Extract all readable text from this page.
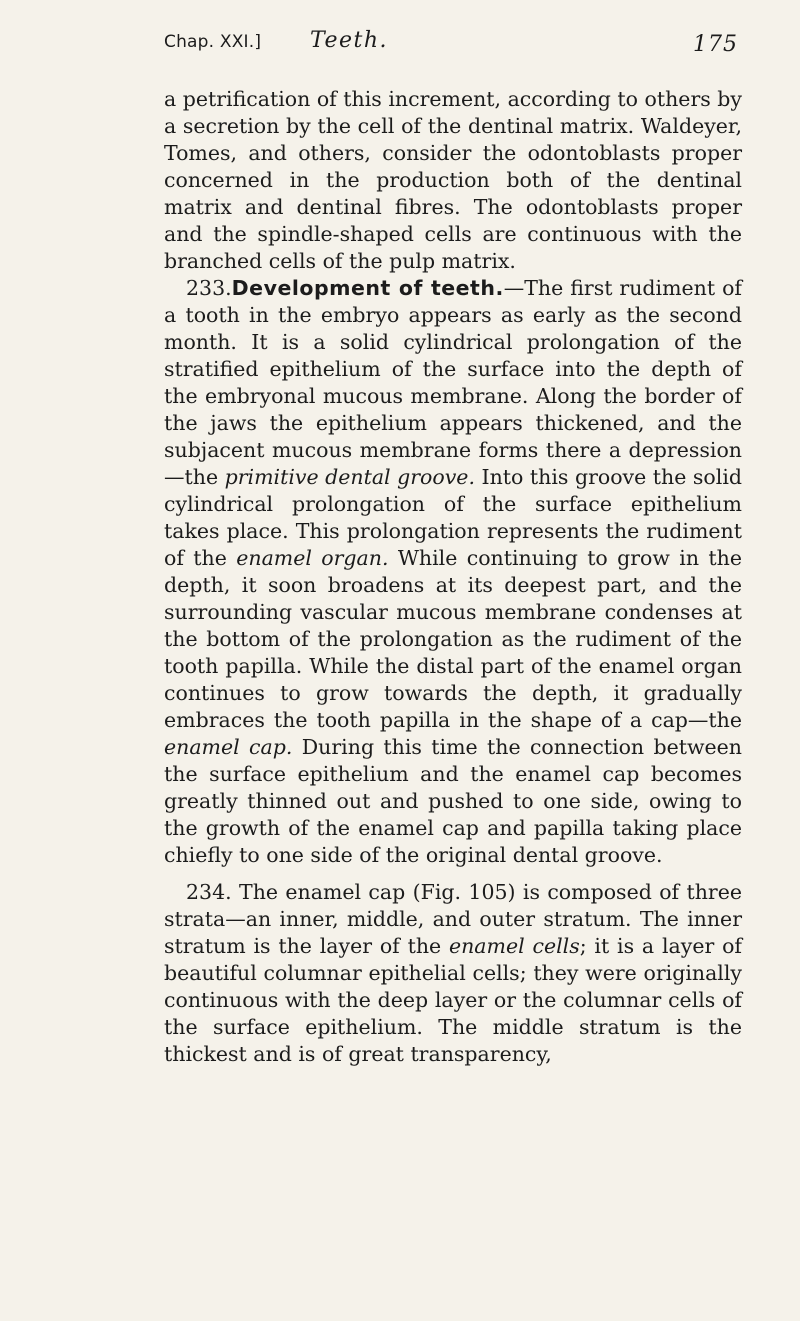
Chap. XXI.] Teeth.	175

a petrification of this increment, according to others by a secretion by the cell of the dentinal matrix. Waldeyer, Tomes, and others, consider the odontoblasts proper concerned in the production both of the dentinal matrix and dentinal fibres. The odontoblasts proper and the spindle-shaped cells are continuous with the branched cells of the pulp matrix.

233.Development of teeth.—The first rudiment of a tooth in the embryo appears as early as the second month. It is a solid cylindrical prolongation of the stratified epithelium of the surface into the depth of the embryonal mucous membrane. Along the border of the jaws the epithelium appears thickened, and the subjacent mucous membrane forms there a depression—the primitive dental groove. Into this groove the solid cylindrical prolongation of the surface epithelium takes place. This prolongation represents the rudiment of the enamel organ. While continuing to grow in the depth, it soon broadens at its deepest part, and the surrounding vascular mucous membrane condenses at the bottom of the prolongation as the rudiment of the tooth papilla. While the distal part of the enamel organ continues to grow towards the depth, it gradually embraces the tooth papilla in the shape of a cap—the enamel cap. During this time the connection between the surface epithelium and the enamel cap becomes greatly thinned out and pushed to one side, owing to the growth of the enamel cap and papilla taking place chiefly to one side of the original dental groove.

234. The enamel cap (Fig. 105) is composed of three strata—an inner, middle, and outer stratum. The inner stratum is the layer of the enamel cells; it is a layer of beautiful columnar epithelial cells; they were originally continuous with the deep layer or the columnar cells of the surface epithelium. The middle stratum is the thickest and is of great transparency,
